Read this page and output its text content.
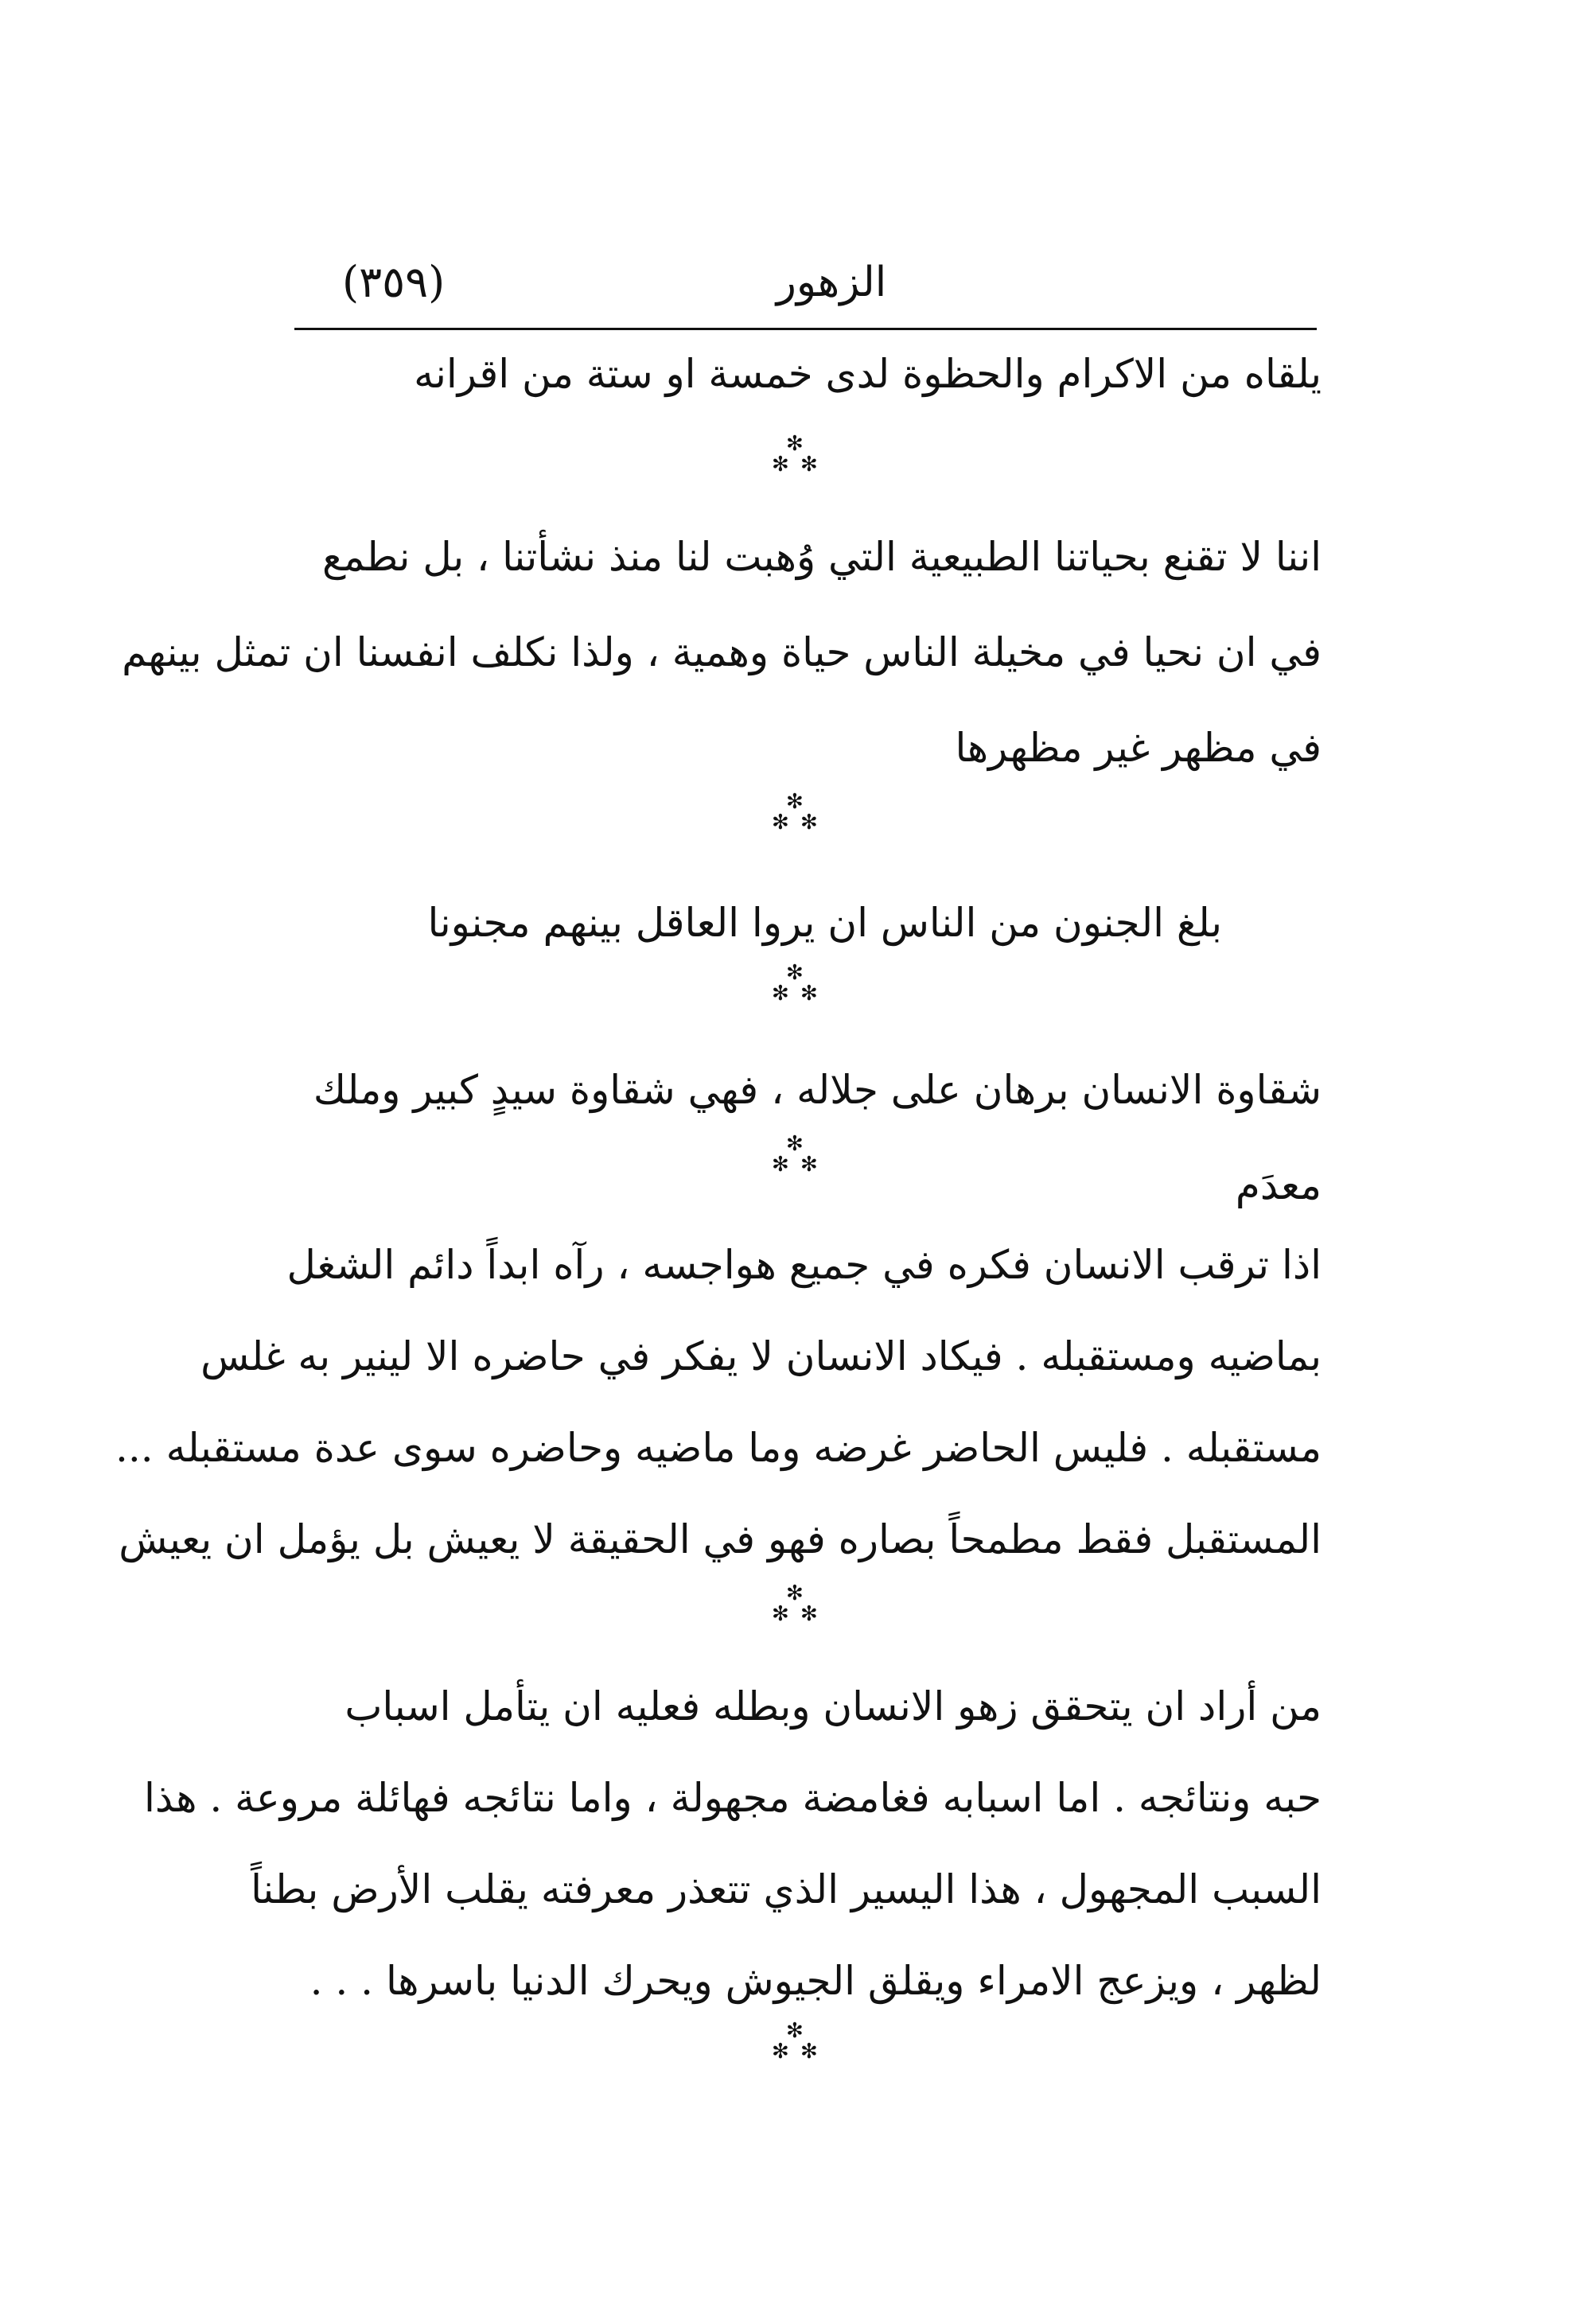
(٣٥٩)	الزهور
يلقاه من الاكرام والحظوة لدى خمسة او ستة من اقرانه
✻
✻ ✻
اننا لا تقنع بحياتنا الطبيعية التي وُهبت لنا منذ نشأتنا ، بل نطمع
في ان نحيا في مخيلة الناس حياة وهمية ، ولذا نكلف انفسنا ان تمثل بينهم
في مظهر غير مظهرها
✻
✻ ✻
بلغ الجنون من الناس ان يروا العاقل بينهم مجنونا
✻
✻ ✻
شقاوة الانسان برهان على جلاله ، فهي شقاوة سيدٍ كبير وملك
معدَم
✻
✻ ✻
اذا ترقب الانسان فكره في جميع هواجسه ، رآه ابداً دائم الشغل
بماضيه ومستقبله . فيكاد الانسان لا يفكر في حاضره الا لينير به غلس
مستقبله . فليس الحاضر غرضه وما ماضيه وحاضره سوى عدة مستقبله ...
المستقبل فقط مطمحاً بصاره فهو في الحقيقة لا يعيش بل يؤمل ان يعيش
✻
✻ ✻
من أراد ان يتحقق زهو الانسان وبطله فعليه ان يتأمل اسباب
حبه ونتائجه . اما اسبابه فغامضة مجهولة ، واما نتائجه فهائلة مروعة . هذا
السبب المجهول ، هذا اليسير الذي تتعذر معرفته يقلب الأرض بطناً
لظهر ، ويزعج الامراء ويقلق الجيوش ويحرك الدنيا باسرها . . .
✻
✻ ✻
